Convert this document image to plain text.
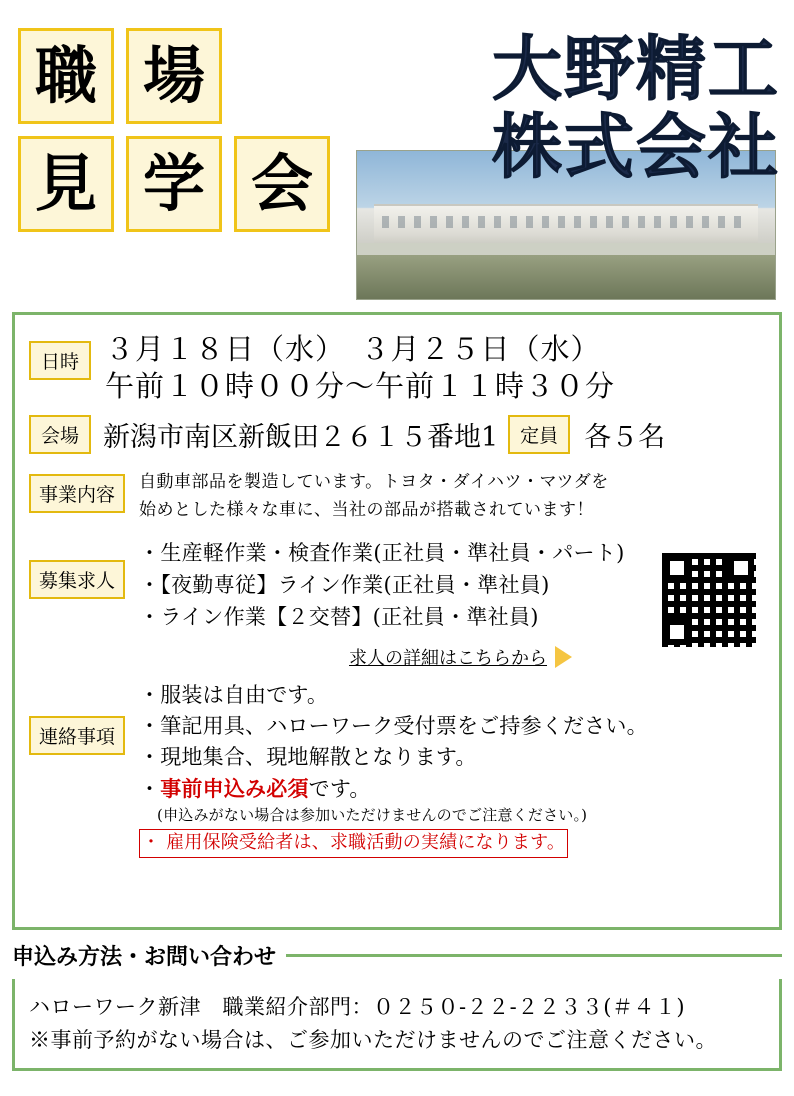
職 場
見 学 会
大野精工
株式会社
日時 ３月１８日（水）　３月２５日（水）
午前１０時００分～午前１１時３０分
会場 新潟市南区新飯田２６１５番地1	定員 各５名
事業内容
自動車部品を製造しています。トヨタ・ダイハツ・マツダを
始めとした様々な車に、当社の部品が搭載されています！
募集求人
・生産軽作業・検査作業(正社員・準社員・パート)
・【夜勤専従】ライン作業(正社員・準社員)
・ライン作業【２交替】(正社員・準社員)
求人の詳細はこちらから
連絡事項
・服装は自由です。
・筆記用具、ハローワーク受付票をご持参ください。
・現地集合、現地解散となります。
・事前申込み必須です。
(申込みがない場合は参加いただけませんのでご注意ください。)
・ 雇用保険受給者は、求職活動の実績になります。
申込み方法・お問い合わせ
ハローワーク新津　職業紹介部門：０２５０-２２-２２３３(＃４１)
※事前予約がない場合は、ご参加いただけませんのでご注意ください。
